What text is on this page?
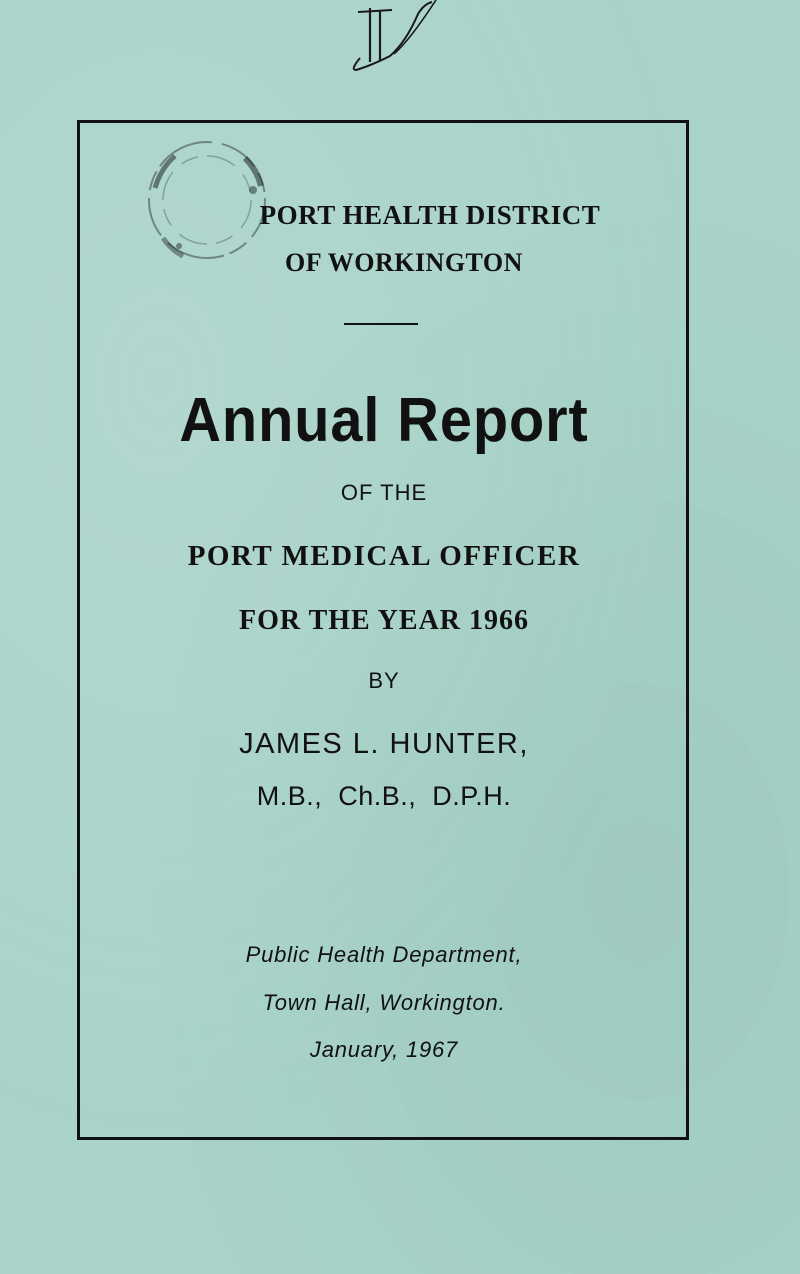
PORT HEALTH DISTRICT
OF WORKINGTON
Annual Report
OF THE
PORT MEDICAL OFFICER
FOR THE YEAR 1966
BY
JAMES L. HUNTER,
M.B., Ch.B., D.P.H.
Public Health Department,
Town Hall, Workington.
January, 1967
